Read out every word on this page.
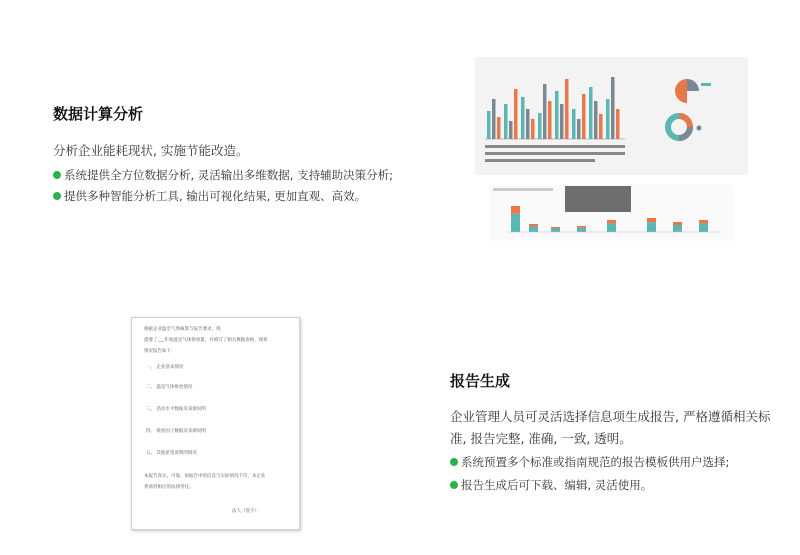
数据计算分析
分析企业能耗现状, 实施节能改造。
系统提供全方位数据分析, 灵活输出多维数据, 支持辅助决策分析;
提供多种智能分析工具, 输出可视化结果, 更加直观、高效。
根据企业温室气体核算与报告要求，现
提要了___年度温室气体排放量，并填写了相关数据表格，现将
情况报告如下：
一、 企业基本情况
二、 温室气体排放情况
三、 活动水平数据及来源说明
四、 排放因子数据及来源说明
五、 其他希望说明的情况
本报告真实、可靠，如报告中的信息与实际情况不符，本企业
将承担相应的法律责任。
法人（签字）：
报告生成
企业管理人员可灵活选择信息项生成报告, 严格遵循相关标
准, 报告完整, 准确, 一致, 透明。
系统预置多个标准或指南规范的报告模板供用户选择;
报告生成后可下载、编辑, 灵活使用。
